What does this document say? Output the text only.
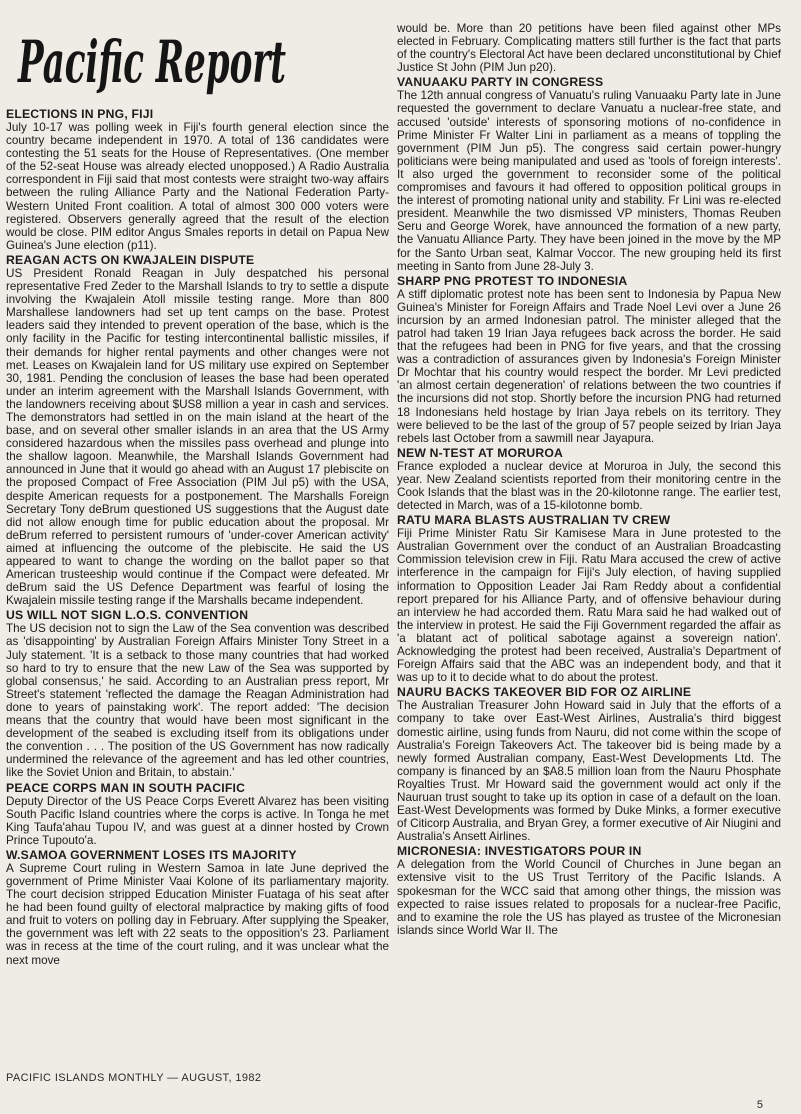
Pacific Report
ELECTIONS IN PNG, FIJI
July 10-17 was polling week in Fiji's fourth general election since the country became independent in 1970. A total of 136 candidates were contesting the 51 seats for the House of Representatives. (One member of the 52-seat House was already elected unopposed.) A Radio Australia correspondent in Fiji said that most contests were straight two-way affairs between the ruling Alliance Party and the National Federation Party-Western United Front coalition. A total of almost 300 000 voters were registered. Observers generally agreed that the result of the election would be close. PIM editor Angus Smales reports in detail on Papua New Guinea's June election (p11).
REAGAN ACTS ON KWAJALEIN DISPUTE
US President Ronald Reagan in July despatched his personal representative Fred Zeder to the Marshall Islands to try to settle a dispute involving the Kwajalein Atoll missile testing range. More than 800 Marshallese landowners had set up tent camps on the base. Protest leaders said they intended to prevent operation of the base, which is the only facility in the Pacific for testing intercontinental ballistic missiles, if their demands for higher rental payments and other changes were not met. Leases on Kwajalein land for US military use expired on September 30, 1981. Pending the conclusion of leases the base had been operated under an interim agreement with the Marshall Islands Government, with the landowners receiving about $US8 million a year in cash and services. The demonstrators had settled in on the main island at the heart of the base, and on several other smaller islands in an area that the US Army considered hazardous when the missiles pass overhead and plunge into the shallow lagoon. Meanwhile, the Marshall Islands Government had announced in June that it would go ahead with an August 17 plebiscite on the proposed Compact of Free Association (PIM Jul p5) with the USA, despite American requests for a postponement. The Marshalls Foreign Secretary Tony deBrum questioned US suggestions that the August date did not allow enough time for public education about the proposal. Mr deBrum referred to persistent rumours of 'under-cover American activity' aimed at influencing the outcome of the plebiscite. He said the US appeared to want to change the wording on the ballot paper so that American trusteeship would continue if the Compact were defeated. Mr deBrum said the US Defence Department was fearful of losing the Kwajalein missile testing range if the Marshalls became independent.
US WILL NOT SIGN L.O.S. CONVENTION
The US decision not to sign the Law of the Sea convention was described as 'disappointing' by Australian Foreign Affairs Minister Tony Street in a July statement. 'It is a setback to those many countries that had worked so hard to try to ensure that the new Law of the Sea was supported by global consensus,' he said. According to an Australian press report, Mr Street's statement 'reflected the damage the Reagan Administration had done to years of painstaking work'. The report added: 'The decision means that the country that would have been most significant in the development of the seabed is excluding itself from its obligations under the convention . . . The position of the US Government has now radically undermined the relevance of the agreement and has led other countries, like the Soviet Union and Britain, to abstain.'
PEACE CORPS MAN IN SOUTH PACIFIC
Deputy Director of the US Peace Corps Everett Alvarez has been visiting South Pacific Island countries where the corps is active. In Tonga he met King Taufa'ahau Tupou IV, and was guest at a dinner hosted by Crown Prince Tupouto'a.
W.SAMOA GOVERNMENT LOSES ITS MAJORITY
A Supreme Court ruling in Western Samoa in late June deprived the government of Prime Minister Vaai Kolone of its parliamentary majority. The court decision stripped Education Minister Fuataga of his seat after he had been found guilty of electoral malpractice by making gifts of food and fruit to voters on polling day in February. After supplying the Speaker, the government was left with 22 seats to the opposition's 23. Parliament was in recess at the time of the court ruling, and it was unclear what the next move
would be. More than 20 petitions have been filed against other MPs elected in February. Complicating matters still further is the fact that parts of the country's Electoral Act have been declared unconstitutional by Chief Justice St John (PIM Jun p20).
VANUAAKU PARTY IN CONGRESS
The 12th annual congress of Vanuatu's ruling Vanuaaku Party late in June requested the government to declare Vanuatu a nuclear-free state, and accused 'outside' interests of sponsoring motions of no-confidence in Prime Minister Fr Walter Lini in parliament as a means of toppling the government (PIM Jun p5). The congress said certain power-hungry politicians were being manipulated and used as 'tools of foreign interests'. It also urged the government to reconsider some of the political compromises and favours it had offered to opposition political groups in the interest of promoting national unity and stability. Fr Lini was re-elected president. Meanwhile the two dismissed VP ministers, Thomas Reuben Seru and George Worek, have announced the formation of a new party, the Vanuatu Alliance Party. They have been joined in the move by the MP for the Santo Urban seat, Kalmar Voccor. The new grouping held its first meeting in Santo from June 28-July 3.
SHARP PNG PROTEST TO INDONESIA
A stiff diplomatic protest note has been sent to Indonesia by Papua New Guinea's Minister for Foreign Affairs and Trade Noel Levi over a June 26 incursion by an armed Indonesian patrol. The minister alleged that the patrol had taken 19 Irian Jaya refugees back across the border. He said that the refugees had been in PNG for five years, and that the crossing was a contradiction of assurances given by Indonesia's Foreign Minister Dr Mochtar that his country would respect the border. Mr Levi predicted 'an almost certain degeneration' of relations between the two countries if the incursions did not stop. Shortly before the incursion PNG had returned 18 Indonesians held hostage by Irian Jaya rebels on its territory. They were believed to be the last of the group of 57 people seized by Irian Jaya rebels last October from a sawmill near Jayapura.
NEW N-TEST AT MORUROA
France exploded a nuclear device at Moruroa in July, the second this year. New Zealand scientists reported from their monitoring centre in the Cook Islands that the blast was in the 20-kilotonne range. The earlier test, detected in March, was of a 15-kilotonne bomb.
RATU MARA BLASTS AUSTRALIAN TV CREW
Fiji Prime Minister Ratu Sir Kamisese Mara in June protested to the Australian Government over the conduct of an Australian Broadcasting Commission television crew in Fiji. Ratu Mara accused the crew of active interference in the campaign for Fiji's July election, of having supplied information to Opposition Leader Jai Ram Reddy about a confidential report prepared for his Alliance Party, and of offensive behaviour during an interview he had accorded them. Ratu Mara said he had walked out of the interview in protest. He said the Fiji Government regarded the affair as 'a blatant act of political sabotage against a sovereign nation'. Acknowledging the protest had been received, Australia's Department of Foreign Affairs said that the ABC was an independent body, and that it was up to it to decide what to do about the protest.
NAURU BACKS TAKEOVER BID FOR OZ AIRLINE
The Australian Treasurer John Howard said in July that the efforts of a company to take over East-West Airlines, Australia's third biggest domestic airline, using funds from Nauru, did not come within the scope of Australia's Foreign Takeovers Act. The takeover bid is being made by a newly formed Australian company, East-West Developments Ltd. The company is financed by an $A8.5 million loan from the Nauru Phosphate Royalties Trust. Mr Howard said the government would act only if the Nauruan trust sought to take up its option in case of a default on the loan. East-West Developments was formed by Duke Minks, a former executive of Citicorp Australia, and Bryan Grey, a former executive of Air Niugini and Australia's Ansett Airlines.
MICRONESIA: INVESTIGATORS POUR IN
A delegation from the World Council of Churches in June began an extensive visit to the US Trust Territory of the Pacific Islands. A spokesman for the WCC said that among other things, the mission was expected to raise issues related to proposals for a nuclear-free Pacific, and to examine the role the US has played as trustee of the Micronesian islands since World War II. The
PACIFIC ISLANDS MONTHLY — AUGUST, 1982
5
